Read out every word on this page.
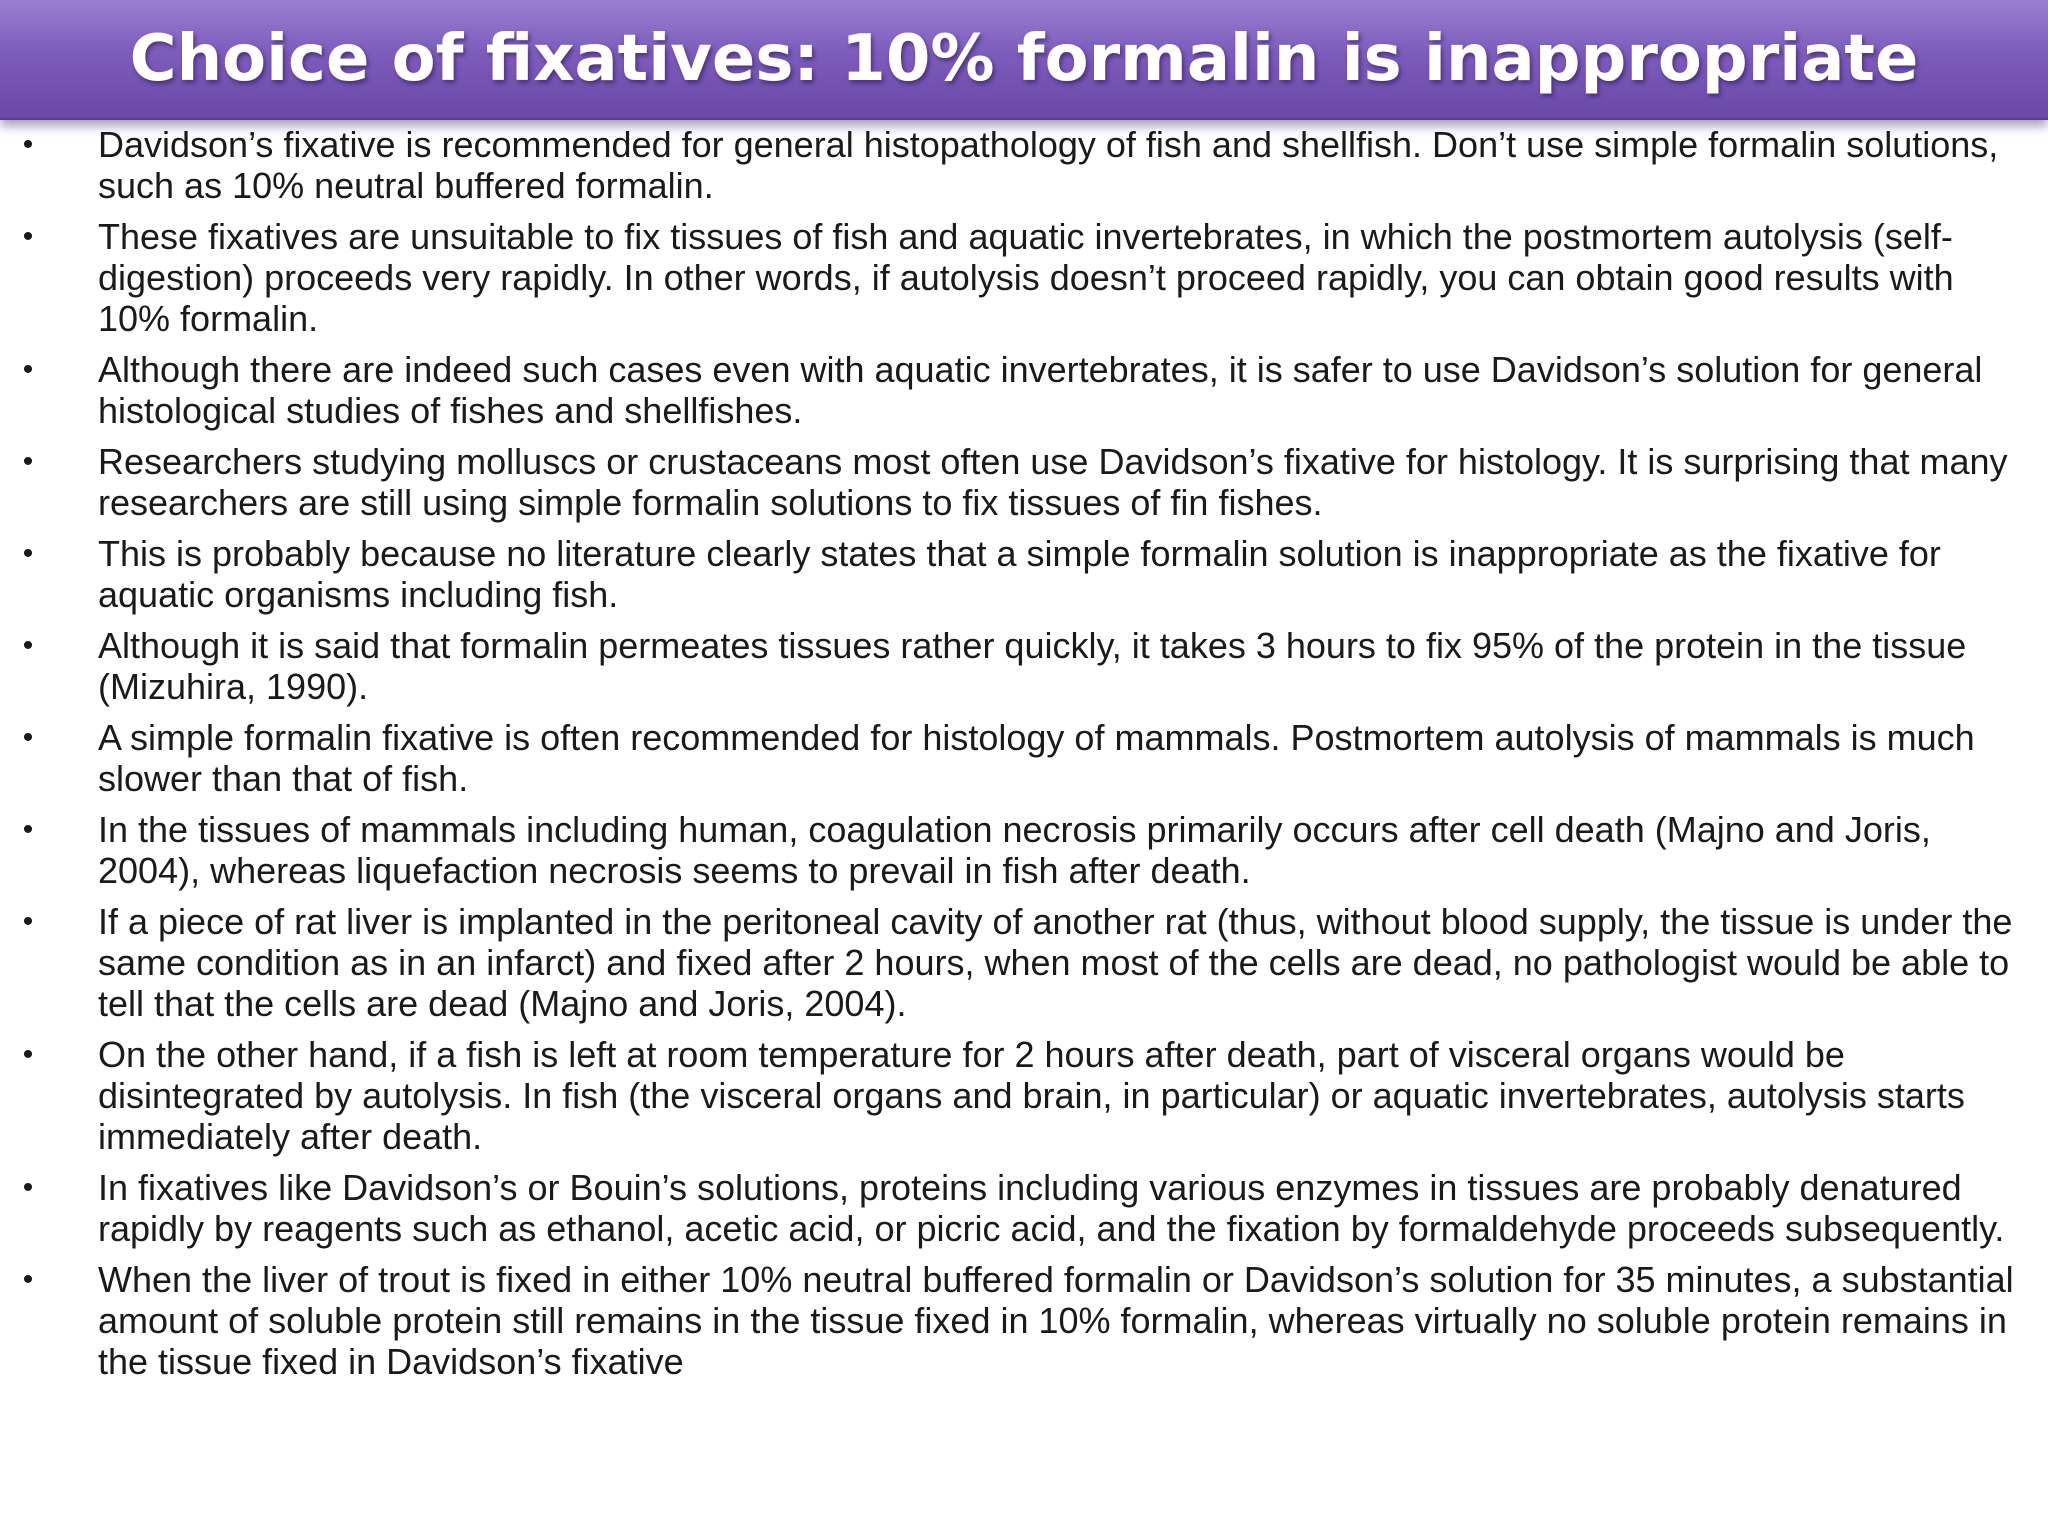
Choice of fixatives: 10% formalin is inappropriate
• Davidson’s fixative is recommended for general histopathology of fish and shellfish. Don’t use simple formalin solutions, such as 10% neutral buffered formalin.
• These fixatives are unsuitable to fix tissues of fish and aquatic invertebrates, in which the postmortem autolysis (self-digestion) proceeds very rapidly. In other words, if autolysis doesn’t proceed rapidly, you can obtain good results with 10% formalin.
• Although there are indeed such cases even with aquatic invertebrates, it is safer to use Davidson’s solution for general histological studies of fishes and shellfishes.
• Researchers studying molluscs or crustaceans most often use Davidson’s fixative for histology. It is surprising that many researchers are still using simple formalin solutions to fix tissues of fin fishes.
• This is probably because no literature clearly states that a simple formalin solution is inappropriate as the fixative for aquatic organisms including fish.
• Although it is said that formalin permeates tissues rather quickly, it takes 3 hours to fix 95% of the protein in the tissue (Mizuhira, 1990).
• A simple formalin fixative is often recommended for histology of mammals. Postmortem autolysis of mammals is much slower than that of fish.
• In the tissues of mammals including human, coagulation necrosis primarily occurs after cell death (Majno and Joris, 2004), whereas liquefaction necrosis seems to prevail in fish after death.
• If a piece of rat liver is implanted in the peritoneal cavity of another rat (thus, without blood supply, the tissue is under the same condition as in an infarct) and fixed after 2 hours, when most of the cells are dead, no pathologist would be able to tell that the cells are dead (Majno and Joris, 2004).
• On the other hand, if a fish is left at room temperature for 2 hours after death, part of visceral organs would be disintegrated by autolysis. In fish (the visceral organs and brain, in particular) or aquatic invertebrates, autolysis starts immediately after death.
• In fixatives like Davidson’s or Bouin’s solutions, proteins including various enzymes in tissues are probably denatured rapidly by reagents such as ethanol, acetic acid, or picric acid, and the fixation by formaldehyde proceeds subsequently.
• When the liver of trout is fixed in either 10% neutral buffered formalin or Davidson’s solution for 35 minutes, a substantial amount of soluble protein still remains in the tissue fixed in 10% formalin, whereas virtually no soluble protein remains in the tissue fixed in Davidson’s fixative
